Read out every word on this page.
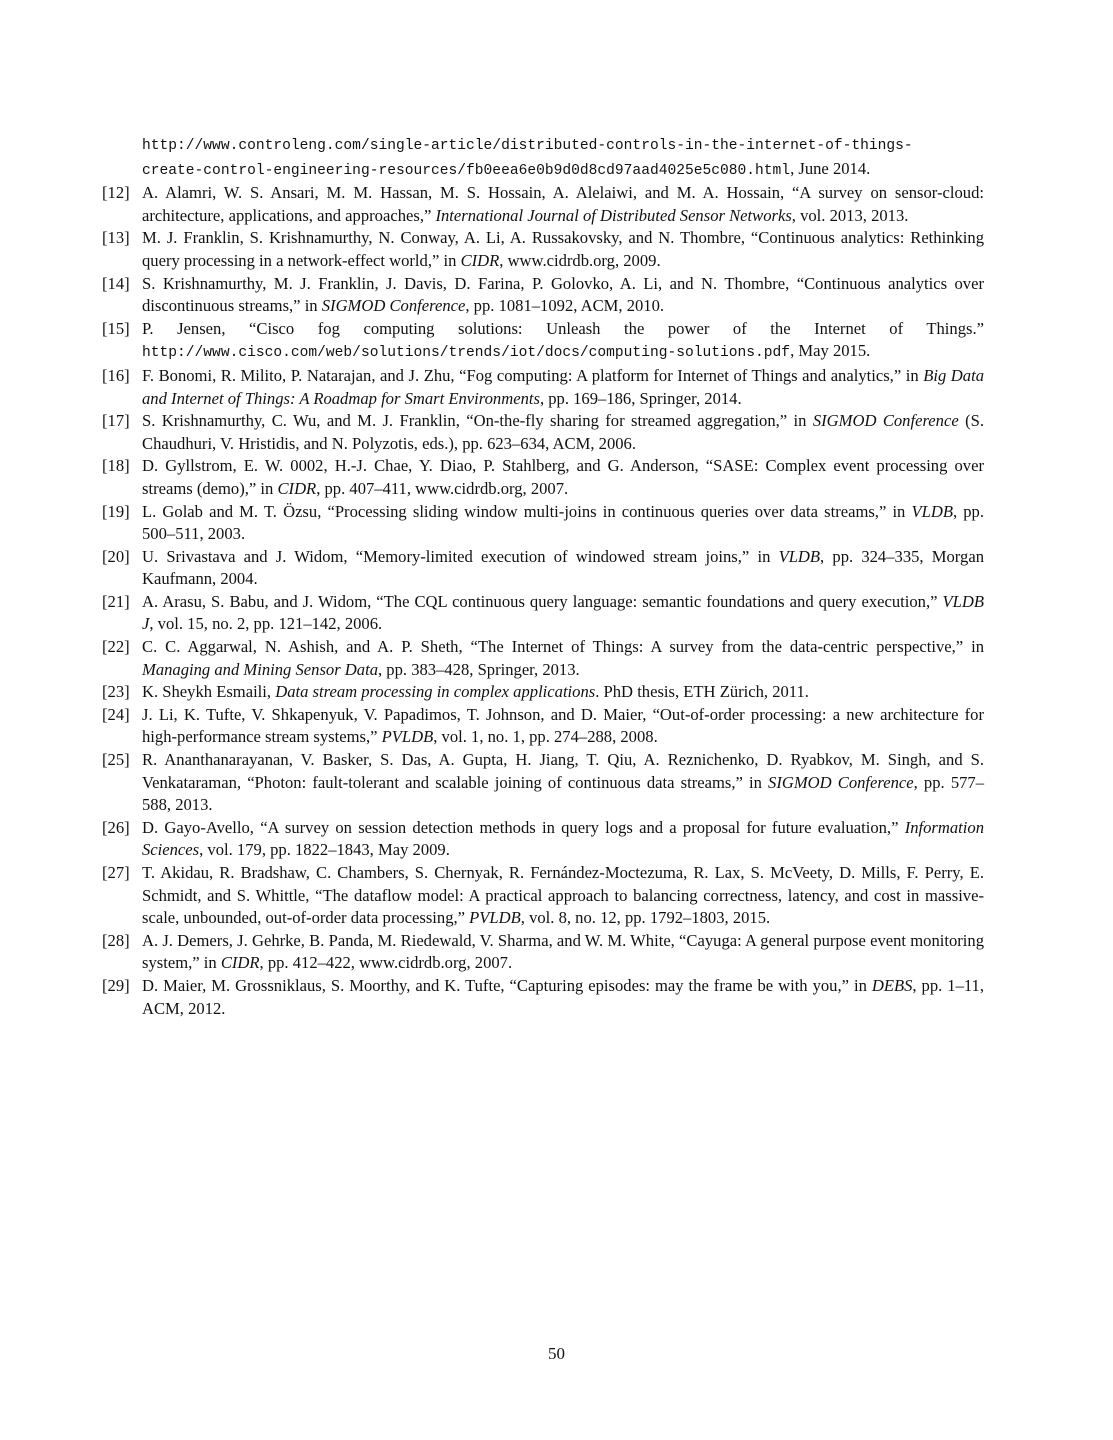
http://www.controleng.com/single-article/distributed-controls-in-the-internet-of-things-
create-control-engineering-resources/fb0eea6e0b9d0d8cd97aad4025e5c080.html, June 2014.
[12] A. Alamri, W. S. Ansari, M. M. Hassan, M. S. Hossain, A. Alelaiwi, and M. A. Hossain, “A survey on sensor-cloud: architecture, applications, and approaches,” International Journal of Distributed Sensor Networks, vol. 2013, 2013.
[13] M. J. Franklin, S. Krishnamurthy, N. Conway, A. Li, A. Russakovsky, and N. Thombre, “Continuous analytics: Rethinking query processing in a network-effect world,” in CIDR, www.cidrdb.org, 2009.
[14] S. Krishnamurthy, M. J. Franklin, J. Davis, D. Farina, P. Golovko, A. Li, and N. Thombre, “Continuous analytics over discontinuous streams,” in SIGMOD Conference, pp. 1081–1092, ACM, 2010.
[15] P. Jensen, “Cisco fog computing solutions: Unleash the power of the Internet of Things.” http://www.cisco.com/web/solutions/trends/iot/docs/computing-solutions.pdf, May 2015.
[16] F. Bonomi, R. Milito, P. Natarajan, and J. Zhu, “Fog computing: A platform for Internet of Things and analytics,” in Big Data and Internet of Things: A Roadmap for Smart Environments, pp. 169–186, Springer, 2014.
[17] S. Krishnamurthy, C. Wu, and M. J. Franklin, “On-the-fly sharing for streamed aggregation,” in SIGMOD Conference (S. Chaudhuri, V. Hristidis, and N. Polyzotis, eds.), pp. 623–634, ACM, 2006.
[18] D. Gyllstrom, E. W. 0002, H.-J. Chae, Y. Diao, P. Stahlberg, and G. Anderson, “SASE: Complex event processing over streams (demo),” in CIDR, pp. 407–411, www.cidrdb.org, 2007.
[19] L. Golab and M. T. Özsu, “Processing sliding window multi-joins in continuous queries over data streams,” in VLDB, pp. 500–511, 2003.
[20] U. Srivastava and J. Widom, “Memory-limited execution of windowed stream joins,” in VLDB, pp. 324–335, Morgan Kaufmann, 2004.
[21] A. Arasu, S. Babu, and J. Widom, “The CQL continuous query language: semantic foundations and query execution,” VLDB J, vol. 15, no. 2, pp. 121–142, 2006.
[22] C. C. Aggarwal, N. Ashish, and A. P. Sheth, “The Internet of Things: A survey from the data-centric perspective,” in Managing and Mining Sensor Data, pp. 383–428, Springer, 2013.
[23] K. Sheykh Esmaili, Data stream processing in complex applications. PhD thesis, ETH Zürich, 2011.
[24] J. Li, K. Tufte, V. Shkapenyuk, V. Papadimos, T. Johnson, and D. Maier, “Out-of-order processing: a new architecture for high-performance stream systems,” PVLDB, vol. 1, no. 1, pp. 274–288, 2008.
[25] R. Ananthanarayanan, V. Basker, S. Das, A. Gupta, H. Jiang, T. Qiu, A. Reznichenko, D. Ryabkov, M. Singh, and S. Venkataraman, “Photon: fault-tolerant and scalable joining of continuous data streams,” in SIGMOD Conference, pp. 577–588, 2013.
[26] D. Gayo-Avello, “A survey on session detection methods in query logs and a proposal for future evaluation,” Information Sciences, vol. 179, pp. 1822–1843, May 2009.
[27] T. Akidau, R. Bradshaw, C. Chambers, S. Chernyak, R. Fernández-Moctezuma, R. Lax, S. McVeety, D. Mills, F. Perry, E. Schmidt, and S. Whittle, “The dataflow model: A practical approach to balancing correctness, latency, and cost in massive-scale, unbounded, out-of-order data processing,” PVLDB, vol. 8, no. 12, pp. 1792–1803, 2015.
[28] A. J. Demers, J. Gehrke, B. Panda, M. Riedewald, V. Sharma, and W. M. White, “Cayuga: A general purpose event monitoring system,” in CIDR, pp. 412–422, www.cidrdb.org, 2007.
[29] D. Maier, M. Grossniklaus, S. Moorthy, and K. Tufte, “Capturing episodes: may the frame be with you,” in DEBS, pp. 1–11, ACM, 2012.
50
